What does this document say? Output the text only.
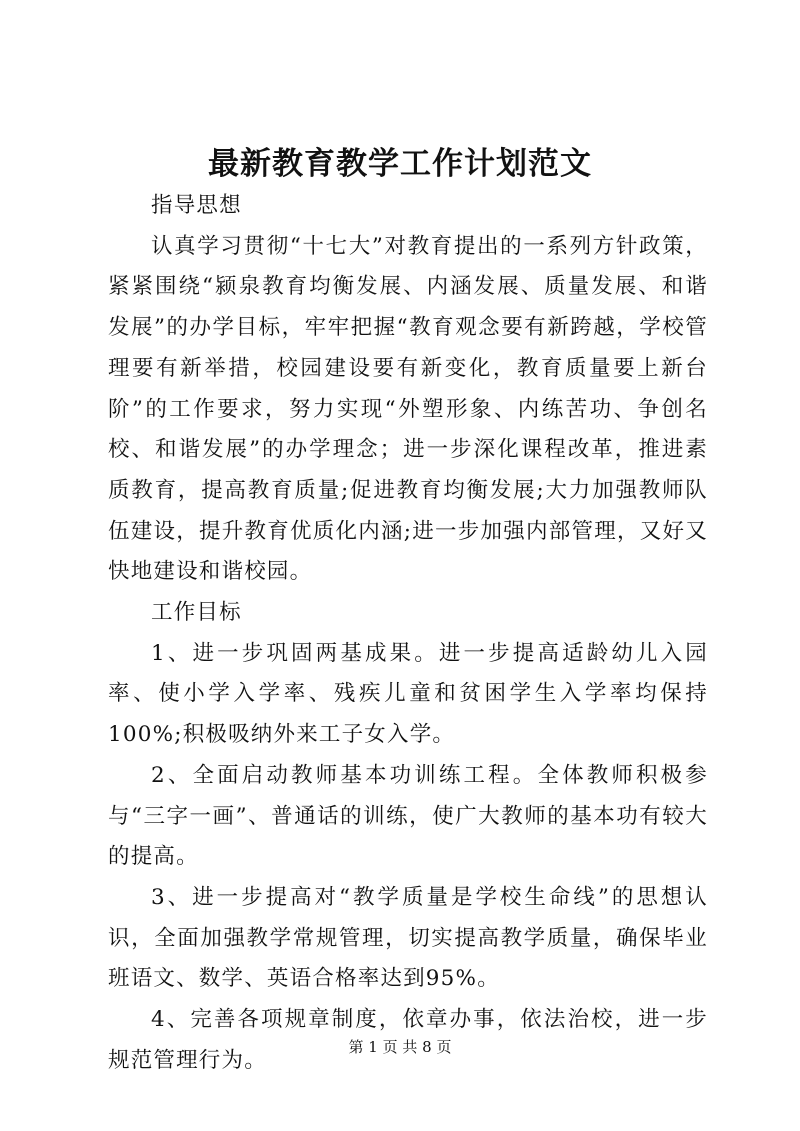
最新教育教学工作计划范文

指导思想

认真学习贯彻“十七大”对教育提出的一系列方针政策，紧紧围绕“颍泉教育均衡发展、内涵发展、质量发展、和谐发展”的办学目标，牢牢把握“教育观念要有新跨越，学校管理要有新举措，校园建设要有新变化，教育质量要上新台阶”的工作要求，努力实现“外塑形象、内练苦功、争创名校、和谐发展”的办学理念；进一步深化课程改革，推进素质教育，提高教育质量;促进教育均衡发展;大力加强教师队伍建设，提升教育优质化内涵;进一步加强内部管理，又好又快地建设和谐校园。

工作目标

1、进一步巩固两基成果。进一步提高适龄幼儿入园率、使小学入学率、残疾儿童和贫困学生入学率均保持100%;积极吸纳外来工子女入学。

2、全面启动教师基本功训练工程。全体教师积极参与“三字一画”、普通话的训练，使广大教师的基本功有较大的提高。

3、进一步提高对“教学质量是学校生命线”的思想认识，全面加强教学常规管理，切实提高教学质量，确保毕业班语文、数学、英语合格率达到95%。

4、完善各项规章制度，依章办事，依法治校，进一步规范管理行为。

第 1 页 共 8 页
